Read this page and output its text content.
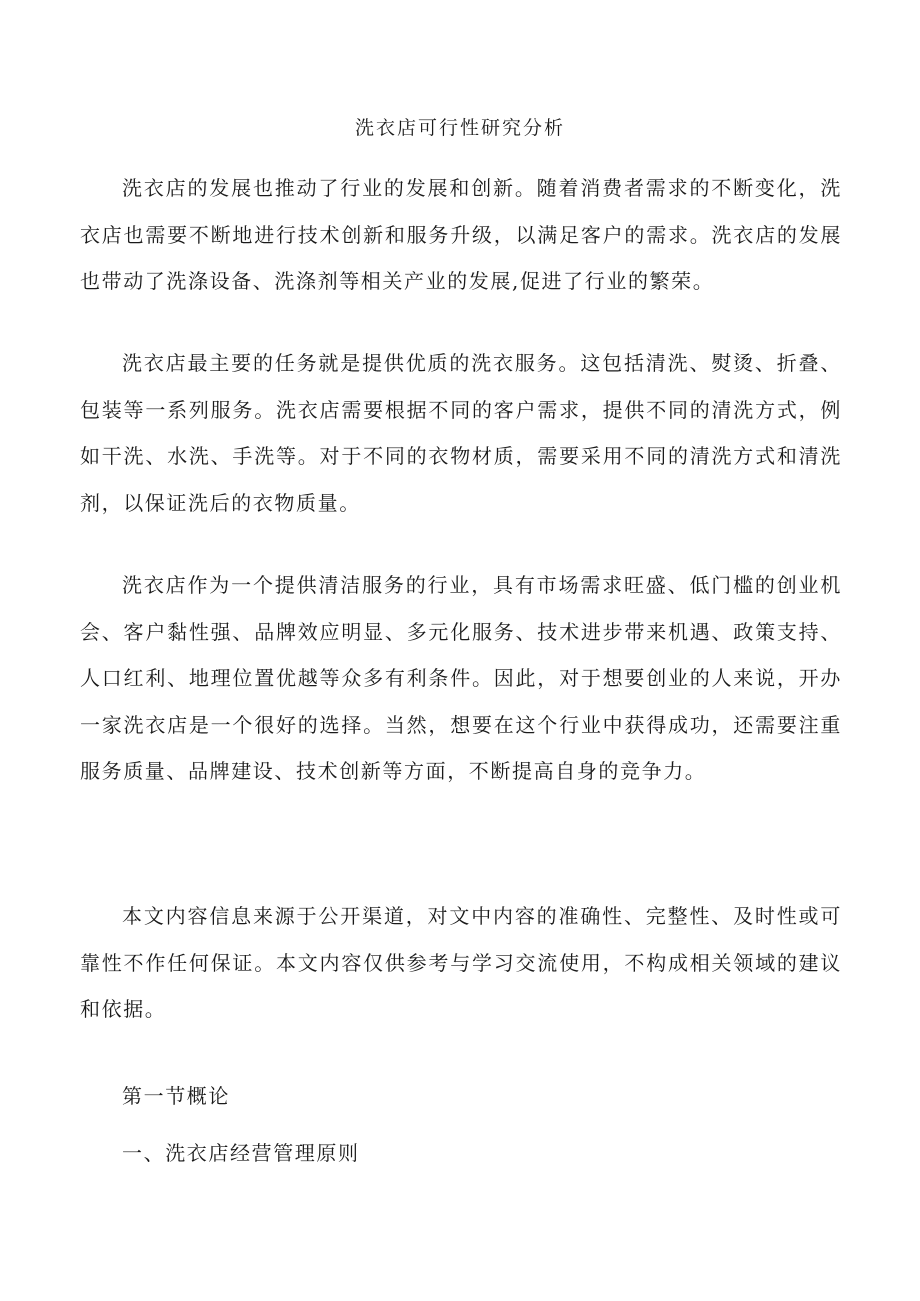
洗衣店可行性研究分析

洗衣店的发展也推动了行业的发展和创新。随着消费者需求的不断变化，洗衣店也需要不断地进行技术创新和服务升级，以满足客户的需求。洗衣店的发展也带动了洗涤设备、洗涤剂等相关产业的发展,促进了行业的繁荣。

洗衣店最主要的任务就是提供优质的洗衣服务。这包括清洗、熨烫、折叠、包装等一系列服务。洗衣店需要根据不同的客户需求，提供不同的清洗方式，例如干洗、水洗、手洗等。对于不同的衣物材质，需要采用不同的清洗方式和清洗剂，以保证洗后的衣物质量。

洗衣店作为一个提供清洁服务的行业，具有市场需求旺盛、低门槛的创业机会、客户黏性强、品牌效应明显、多元化服务、技术进步带来机遇、政策支持、人口红利、地理位置优越等众多有利条件。因此，对于想要创业的人来说，开办一家洗衣店是一个很好的选择。当然，想要在这个行业中获得成功，还需要注重服务质量、品牌建设、技术创新等方面，不断提高自身的竞争力。

本文内容信息来源于公开渠道，对文中内容的准确性、完整性、及时性或可靠性不作任何保证。本文内容仅供参考与学习交流使用，不构成相关领域的建议和依据。

第一节概论
一、洗衣店经营管理原则
